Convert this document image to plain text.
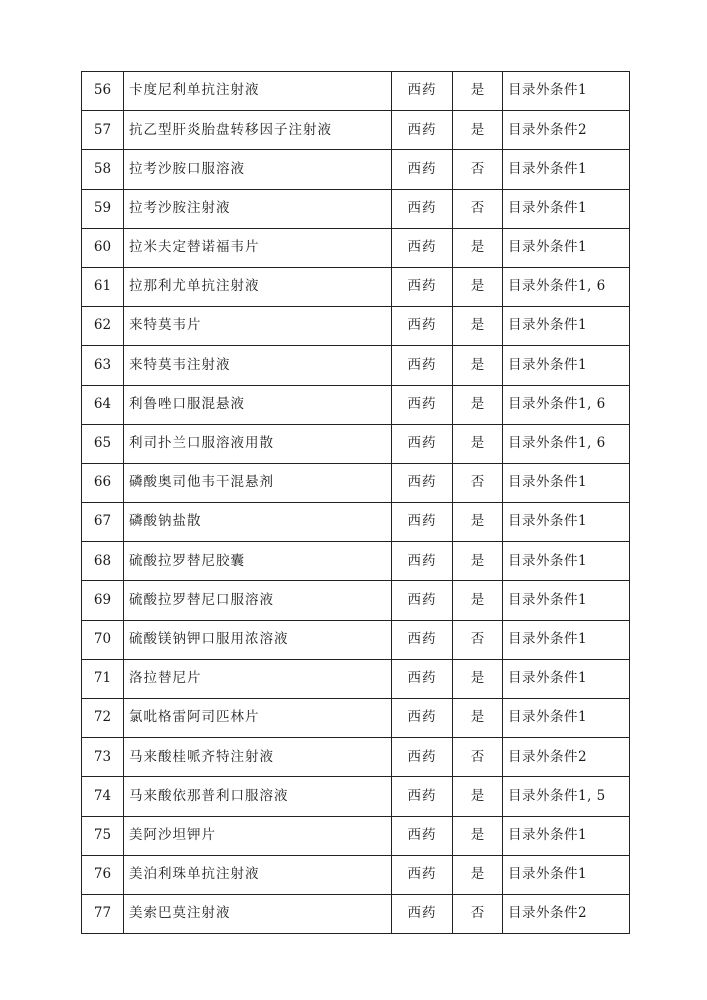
56	卡度尼利单抗注射液	西药	是	目录外条件1
57	抗乙型肝炎胎盘转移因子注射液	西药	是	目录外条件2
58	拉考沙胺口服溶液	西药	否	目录外条件1
59	拉考沙胺注射液	西药	否	目录外条件1
60	拉米夫定替诺福韦片	西药	是	目录外条件1
61	拉那利尤单抗注射液	西药	是	目录外条件1, 6
62	来特莫韦片	西药	是	目录外条件1
63	来特莫韦注射液	西药	是	目录外条件1
64	利鲁唑口服混悬液	西药	是	目录外条件1, 6
65	利司扑兰口服溶液用散	西药	是	目录外条件1, 6
66	磷酸奥司他韦干混悬剂	西药	否	目录外条件1
67	磷酸钠盐散	西药	是	目录外条件1
68	硫酸拉罗替尼胶囊	西药	是	目录外条件1
69	硫酸拉罗替尼口服溶液	西药	是	目录外条件1
70	硫酸镁钠钾口服用浓溶液	西药	否	目录外条件1
71	洛拉替尼片	西药	是	目录外条件1
72	氯吡格雷阿司匹林片	西药	是	目录外条件1
73	马来酸桂哌齐特注射液	西药	否	目录外条件2
74	马来酸依那普利口服溶液	西药	是	目录外条件1, 5
75	美阿沙坦钾片	西药	是	目录外条件1
76	美泊利珠单抗注射液	西药	是	目录外条件1
77	美索巴莫注射液	西药	否	目录外条件2
